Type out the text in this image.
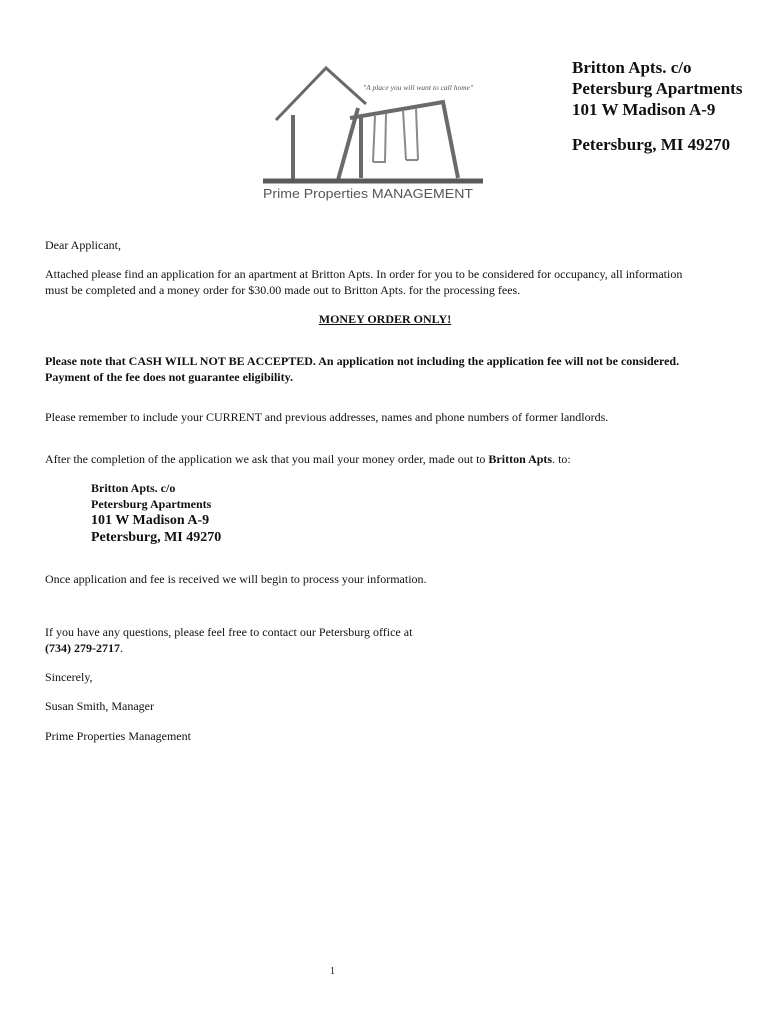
"A place you will want to call home"
Prime Properties MANAGEMENT
Britton Apts. c/o
Petersburg Apartments
101 W Madison A-9
Petersburg, MI 49270
Dear Applicant,
Attached please find an application for an apartment at Britton Apts. In order for you to be considered for occupancy, all information
must be completed and a money order for $30.00 made out to Britton Apts. for the processing fees.
MONEY ORDER ONLY!
Please note that CASH WILL NOT BE ACCEPTED. An application not including the application fee will not be considered.
Payment of the fee does not guarantee eligibility.
Please remember to include your CURRENT and previous addresses, names and phone numbers of former landlords.
After the completion of the application we ask that you mail your money order, made out to Britton Apts. to:
Britton Apts. c/o
Petersburg Apartments
101 W Madison A-9
Petersburg, MI 49270
Once application and fee is received we will begin to process your information.
If you have any questions, please feel free to contact our Petersburg office at
(734) 279-2717.
Sincerely,
Susan Smith, Manager
Prime Properties Management
1
